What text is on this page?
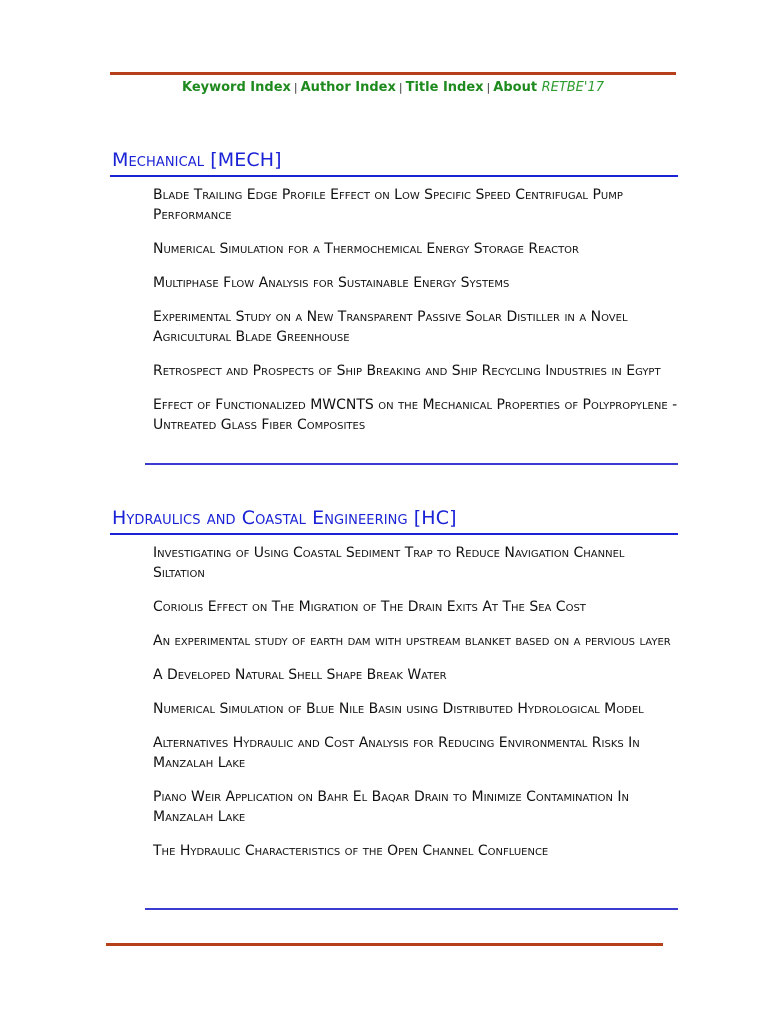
Keyword Index | Author Index | Title Index | About RETBE'17
Mechanical [MECH]

Blade Trailing Edge Profile Effect on Low Specific Speed Centrifugal Pump Performance

Numerical Simulation for a Thermochemical Energy Storage Reactor

Multiphase Flow Analysis for Sustainable Energy Systems

Experimental Study on a New Transparent Passive Solar Distiller in a Novel Agricultural Blade Greenhouse

Retrospect and Prospects of Ship Breaking and Ship Recycling Industries in Egypt

Effect of Functionalized MWCNTS on the Mechanical Properties of Polypropylene -Untreated Glass Fiber Composites

Hydraulics and Coastal Engineering [HC]

Investigating of Using Coastal Sediment Trap to Reduce Navigation Channel Siltation

Coriolis Effect on The Migration of The Drain Exits At The Sea Cost

An experimental study of earth dam with upstream blanket based on a pervious layer

A Developed Natural Shell Shape Break Water

Numerical Simulation of Blue Nile Basin using Distributed Hydrological Model

Alternatives Hydraulic and Cost Analysis for Reducing Environmental Risks In Manzalah Lake

Piano Weir Application on Bahr El Baqar Drain to Minimize Contamination In Manzalah Lake

The Hydraulic Characteristics of the Open Channel Confluence
